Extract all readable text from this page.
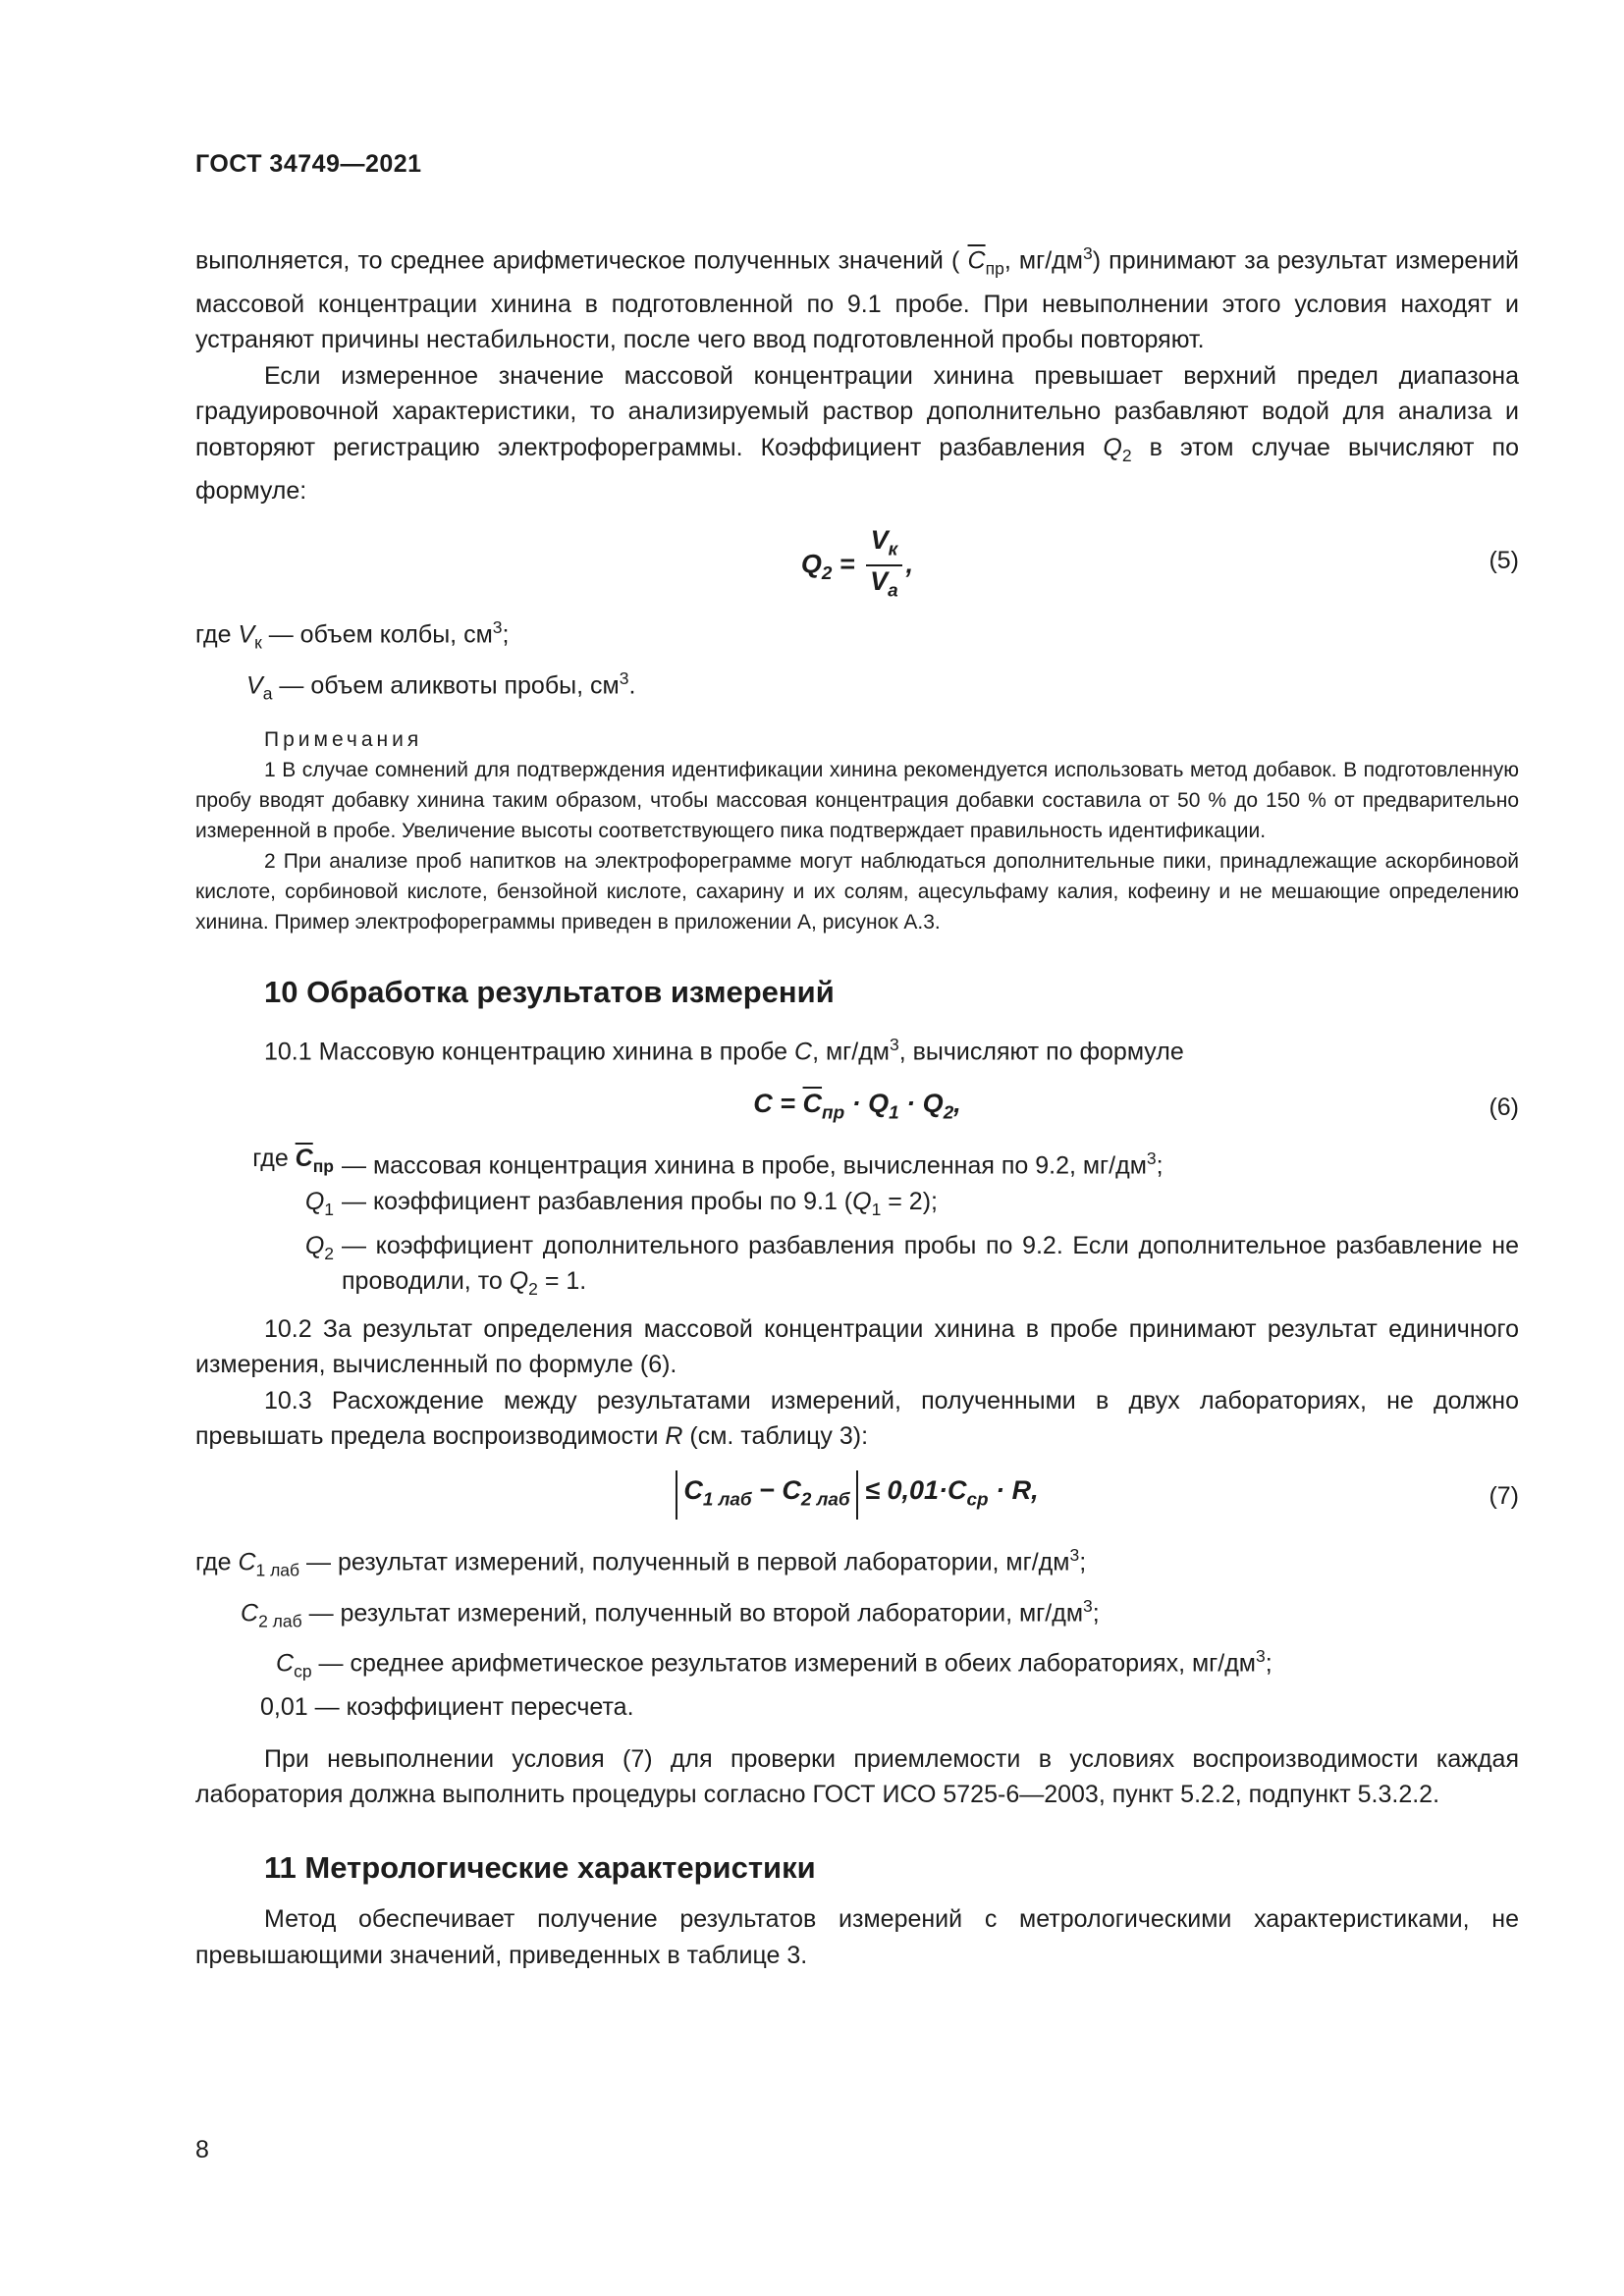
ГОСТ 34749—2021

выполняется, то среднее арифметическое полученных значений ( $\overline{C}_{пр}$, $мг/дм^3$) принимают за результат измерений массовой концентрации хинина в подготовленной по 9.1 пробе. При невыполнении этого условия находят и устраняют причины нестабильности, после чего ввод подготовленной пробы повторяют.

Если измеренное значение массовой концентрации хинина превышает верхний предел диапазона градуировочной характеристики, то анализируемый раствор дополнительно разбавляют водой для анализа и повторяют регистрацию электрофореграммы. Коэффициент разбавления $Q_2$ в этом случае вычисляют по формуле:

$Q_2 = \frac{V_к}{V_а}$ ,	(5)
где $V_к$ — объем колбы, $см^3$;
$V_а$ — объем аликвоты пробы, $см^3$.
Примечания

1 В случае сомнений для подтверждения идентификации хинина рекомендуется использовать метод добавок. В подготовленную пробу вводят добавку хинина таким образом, чтобы массовая концентрация добавки составила от 50 % до 150 % от предварительно измеренной в пробе. Увеличение высоты соответствующего пика подтверждает правильность идентификации.

2 При анализе проб напитков на электрофореграмме могут наблюдаться дополнительные пики, принадлежащие аскорбиновой кислоте, сорбиновой кислоте, бензойной кислоте, сахарину и их солям, ацесульфаму калия, кофеину и не мешающие определению хинина. Пример электрофореграммы приведен в приложении А, рисунок А.3.

10 Обработка результатов измерений

10.1 Массовую концентрацию хинина в пробе C, $мг/дм^3$, вычисляют по формуле

$C = \overline{C}_{пр} \cdot Q_1 \cdot Q_2$,	(6)
где $\overline{C}_{пр}$ — массовая концентрация хинина в пробе, вычисленная по 9.2, $мг/дм^3$;
$Q_1$ — коэффициент разбавления пробы по 9.1 $(Q_1 = 2)$;
$Q_2$ — коэффициент дополнительного разбавления пробы по 9.2. Если дополнительное разбавление не проводили, то $Q_2 = 1$.

10.2 За результат определения массовой концентрации хинина в пробе принимают результат единичного измерения, вычисленный по формуле (6).

10.3 Расхождение между результатами измерений, полученными в двух лабораториях, не должно превышать предела воспроизводимости R (см. таблицу 3):

$C_{1 лаб} - C_{2 лаб} \le 0,01\cdot C_{ср} \cdot R$,	(7)
где $C_{1 лаб}$ — результат измерений, полученный в первой лаборатории, $мг/дм^3$;
$C_{2 лаб}$ — результат измерений, полученный во второй лаборатории, $мг/дм^3$;
$C_{ср}$ — среднее арифметическое результатов измерений в обеих лабораториях, $мг/дм^3$;
0,01 — коэффициент пересчета.

При невыполнении условия (7) для проверки приемлемости в условиях воспроизводимости каждая лаборатория должна выполнить процедуры согласно ГОСТ ИСО 5725-6—2003, пункт 5.2.2, подпункт 5.3.2.2.

11 Метрологические характеристики

Метод обеспечивает получение результатов измерений с метрологическими характеристиками, не превышающими значений, приведенных в таблице 3.

8
